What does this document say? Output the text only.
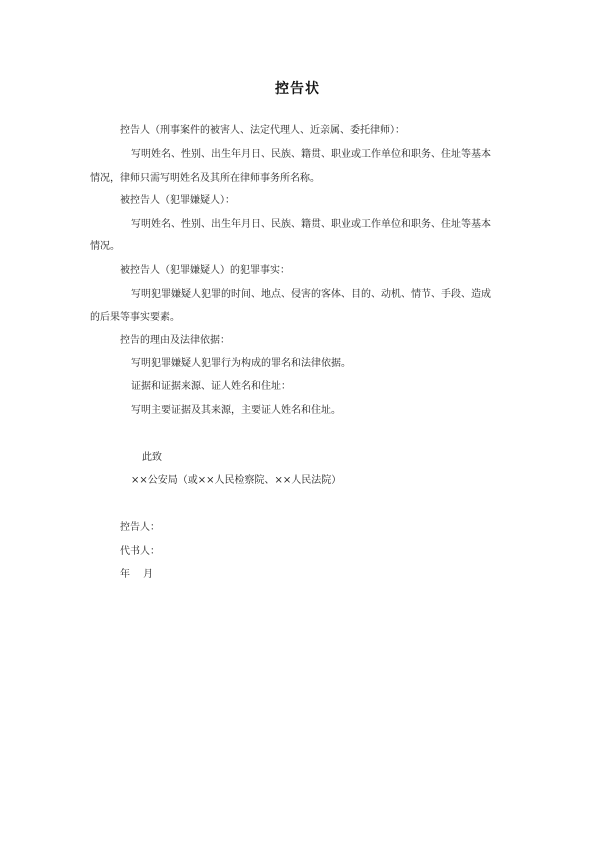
控告状

控告人（刑事案件的被害人、法定代理人、近亲属、委托律师）：

写明姓名、性别、出生年月日、民族、籍贯、职业或工作单位和职务、住址等基本

情况，律师只需写明姓名及其所在律师事务所名称。

被控告人（犯罪嫌疑人）：

写明姓名、性别、出生年月日、民族、籍贯、职业或工作单位和职务、住址等基本

情况。

被控告人（犯罪嫌疑人）的犯罪事实：

写明犯罪嫌疑人犯罪的时间、地点、侵害的客体、目的、动机、情节、手段、造成

的后果等事实要素。

控告的理由及法律依据：

写明犯罪嫌疑人犯罪行为构成的罪名和法律依据。

证据和证据来源、证人姓名和住址：

写明主要证据及其来源，主要证人姓名和住址。

此致

××公安局（或××人民检察院、××人民法院）

控告人：

代书人：

年　 月
